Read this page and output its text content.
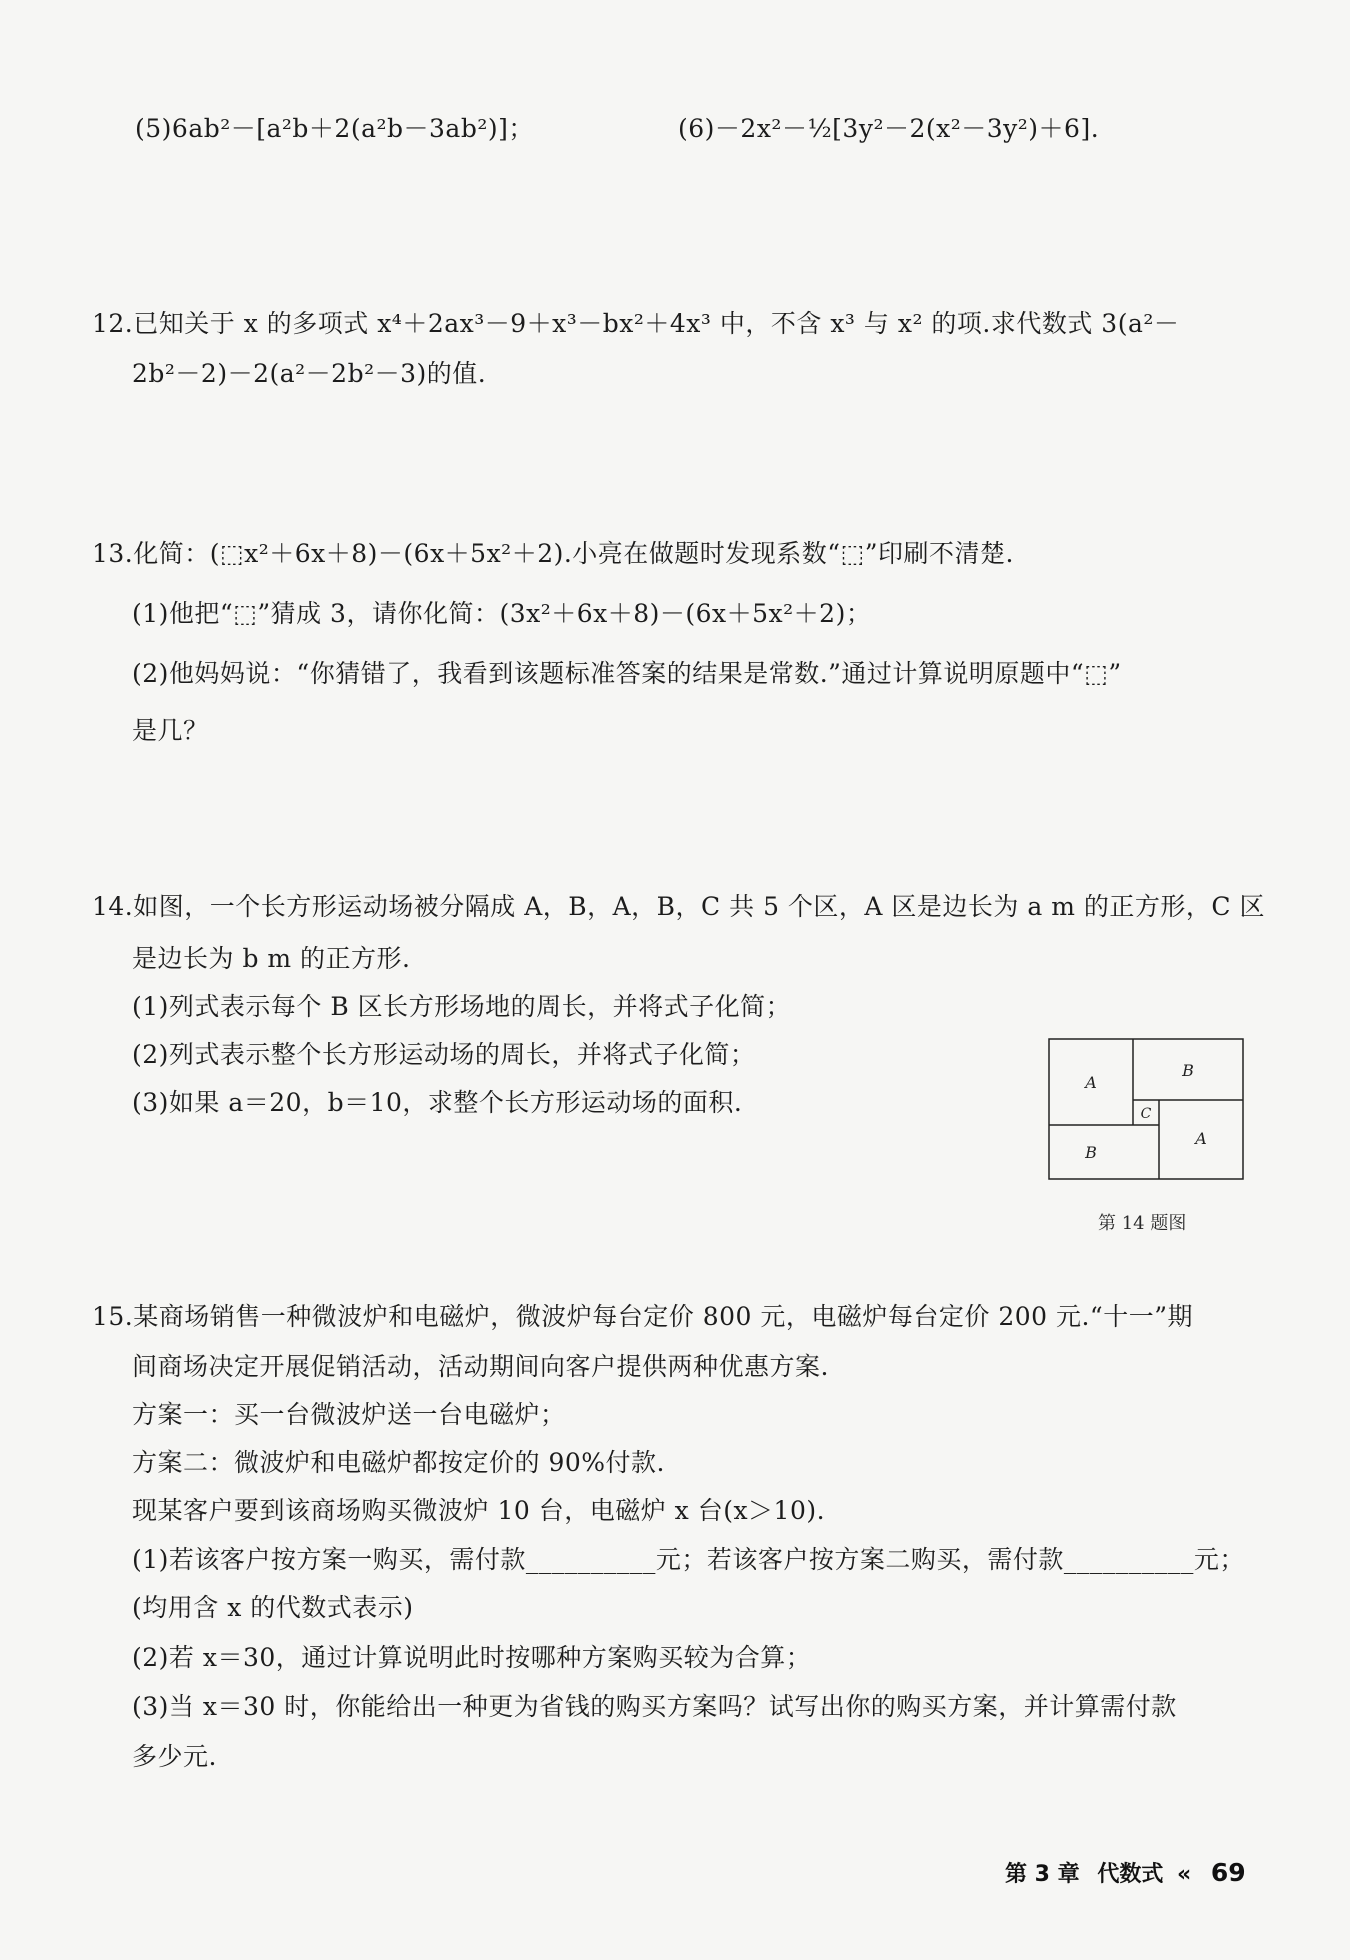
(5)6ab²－[a²b＋2(a²b－3ab²)]；	(6)－2x²－½[3y²－2(x²－3y²)＋6].
12.已知关于 x 的多项式 x⁴＋2ax³－9＋x³－bx²＋4x³ 中，不含 x³ 与 x² 的项.求代数式 3(a²－
2b²－2)－2(a²－2b²－3)的值.
13.化简：(⬚x²＋6x＋8)－(6x＋5x²＋2).小亮在做题时发现系数“⬚”印刷不清楚.
(1)他把“⬚”猜成 3，请你化简：(3x²＋6x＋8)－(6x＋5x²＋2)；
(2)他妈妈说：“你猜错了，我看到该题标准答案的结果是常数.”通过计算说明原题中“⬚”
是几？
14.如图，一个长方形运动场被分隔成 A，B，A，B，C 共 5 个区，A 区是边长为 a m 的正方形，C 区
是边长为 b m 的正方形.
(1)列式表示每个 B 区长方形场地的周长，并将式子化简；
(2)列式表示整个长方形运动场的周长，并将式子化简；
(3)如果 a＝20，b＝10，求整个长方形运动场的面积.
A
B
C
B
A
第 14 题图
15.某商场销售一种微波炉和电磁炉，微波炉每台定价 800 元，电磁炉每台定价 200 元.“十一”期
间商场决定开展促销活动，活动期间向客户提供两种优惠方案.
方案一：买一台微波炉送一台电磁炉；
方案二：微波炉和电磁炉都按定价的 90%付款.
现某客户要到该商场购买微波炉 10 台，电磁炉 x 台(x＞10).
(1)若该客户按方案一购买，需付款__________元；若该客户按方案二购买，需付款__________元；
(均用含 x 的代数式表示)
(2)若 x＝30，通过计算说明此时按哪种方案购买较为合算；
(3)当 x＝30 时，你能给出一种更为省钱的购买方案吗？试写出你的购买方案，并计算需付款
多少元.
第 3 章 代数式 « 69
